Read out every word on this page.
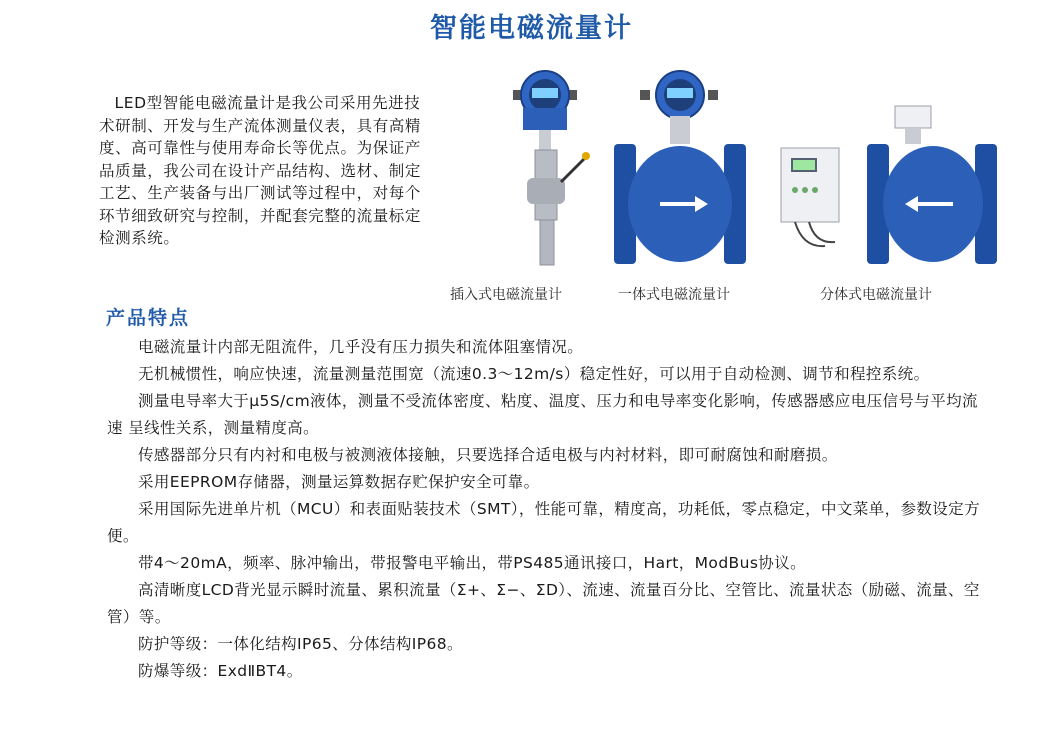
智能电磁流量计

LED型智能电磁流量计是我公司采用先进技术研制、开发与生产流体测量仪表，具有高精度、高可靠性与使用寿命长等优点。为保证产品质量，我公司在设计产品结构、选材、制定工艺、生产装备与出厂测试等过程中，对每个环节细致研究与控制，并配套完整的流量标定检测系统。

插入式电磁流量计	一体式电磁流量计	分体式电磁流量计
产品特点

电磁流量计内部无阻流件，几乎没有压力损失和流体阻塞情况。

无机械惯性，响应快速，流量测量范围宽（流速0.3～12m/s）稳定性好，可以用于自动检测、调节和程控系统。

测量电导率大于μ5S/cm液体，测量不受流体密度、粘度、温度、压力和电导率变化影响，传感器感应电压信号与平均流速 呈线性关系，测量精度高。

传感器部分只有内衬和电极与被测液体接触，只要选择合适电极与内衬材料，即可耐腐蚀和耐磨损。

采用EEPROM存储器，测量运算数据存贮保护安全可靠。

采用国际先进单片机（MCU）和表面贴装技术（SMT），性能可靠，精度高，功耗低，零点稳定，中文菜单，参数设定方便。

带4～20mA，频率、脉冲输出，带报警电平输出，带PS485通讯接口，Hart，ModBus协议。

高清晰度LCD背光显示瞬时流量、累积流量（Σ+、Σ−、ΣD）、流速、流量百分比、空管比、流量状态（励磁、流量、空管）等。

防护等级：一体化结构IP65、分体结构IP68。

防爆等级：ExdⅡBT4。
